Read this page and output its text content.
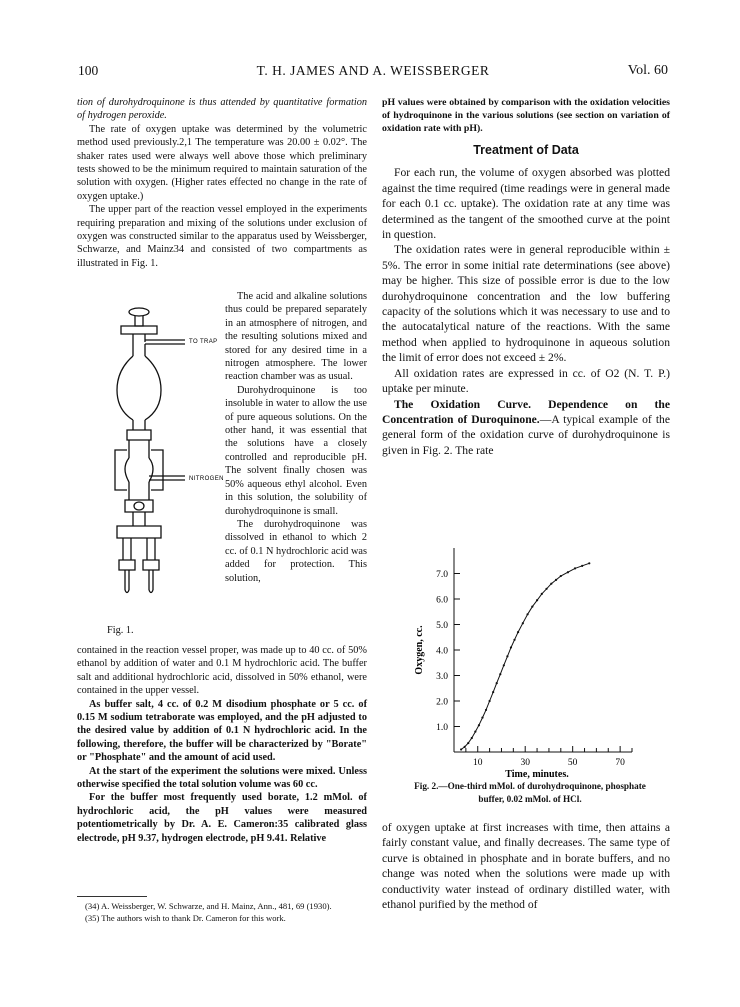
100	T. H. JAMES AND A. WEISSBERGER	Vol. 60

tion of durohydroquinone is thus attended by quantitative formation of hydrogen peroxide.

The rate of oxygen uptake was determined by the volumetric method used previously.2,1 The temperature was 20.00 ± 0.02°. The shaker rates used were always well above those which preliminary tests showed to be the minimum required to maintain saturation of the solution with oxygen. (Higher rates effected no change in the rate of oxygen uptake.)

The upper part of the reaction vessel employed in the experiments requiring preparation and mixing of the solutions under exclusion of oxygen was constructed similar to the apparatus used by Weissberger, Schwarze, and Mainz34 and consisted of two compartments as illustrated in Fig. 1.

TO TRAP
NITROGEN

The acid and alkaline solutions thus could be prepared separately in an atmosphere of nitrogen, and the resulting solutions mixed and stored for any desired time in a nitrogen atmosphere. The lower reaction chamber was as usual.

Durohydroquinone is too insoluble in water to allow the use of pure aqueous solutions. On the other hand, it was essential that the solutions have a closely controlled and reproducible pH. The solvent finally chosen was 50% aqueous ethyl alcohol. Even in this solution, the solubility of durohydroquinone is small.

The durohydroquinone was dissolved in ethanol to which 2 cc. of 0.1 N hydrochloric acid was added for protection. This solution,

Fig. 1.

contained in the reaction vessel proper, was made up to 40 cc. of 50% ethanol by addition of water and 0.1 M hydrochloric acid. The buffer salt and additional hydrochloric acid, dissolved in 50% ethanol, were contained in the upper vessel.

As buffer salt, 4 cc. of 0.2 M disodium phosphate or 5 cc. of 0.15 M sodium tetraborate was employed, and the pH adjusted to the desired value by addition of 0.1 N hydrochloric acid. In the following, therefore, the buffer will be characterized by "Borate" or "Phosphate" and the amount of acid used.

At the start of the experiment the solutions were mixed. Unless otherwise specified the total solution volume was 60 cc.

For the buffer most frequently used borate, 1.2 mMol. of hydrochloric acid, the pH values were measured potentiometrically by Dr. A. E. Cameron:35 calibrated glass electrode, pH 9.37, hydrogen electrode, pH 9.41. Relative

(34) A. Weissberger, W. Schwarze, and H. Mainz, Ann., 481, 69 (1930).

(35) The authors wish to thank Dr. Cameron for this work.

pH values were obtained by comparison with the oxidation velocities of hydroquinone in the various solutions (see section on variation of oxidation rate with pH).

Treatment of Data

For each run, the volume of oxygen absorbed was plotted against the time required (time readings were in general made for each 0.1 cc. uptake). The oxidation rate at any time was determined as the tangent of the smoothed curve at the point in question.

The oxidation rates were in general reproducible within ± 5%. The error in some initial rate determinations (see above) may be higher. This size of possible error is due to the low durohydroquinone concentration and the low buffering capacity of the solutions which it was necessary to use and to the autocatalytical nature of the reactions. With the same method when applied to hydroquinone in aqueous solution the limit of error does not exceed ± 2%.

All oxidation rates are expressed in cc. of O2 (N. T. P.) uptake per minute.

The Oxidation Curve. Dependence on the Concentration of Duroquinone.—A typical example of the general form of the oxidation curve of durohydroquinone is given in Fig. 2. The rate

1.0
2.0
3.0
4.0
5.0
6.0
7.0
10	30	50	70
Time, minutes.
Oxygen, cc.
Fig. 2.—One-third mMol. of durohydroquinone, phosphate buffer, 0.02 mMol. of HCl.

of oxygen uptake at first increases with time, then attains a fairly constant value, and finally decreases. The same type of curve is obtained in phosphate and in borate buffers, and no change was noted when the solutions were made up with conductivity water instead of ordinary distilled water, with ethanol purified by the method of
